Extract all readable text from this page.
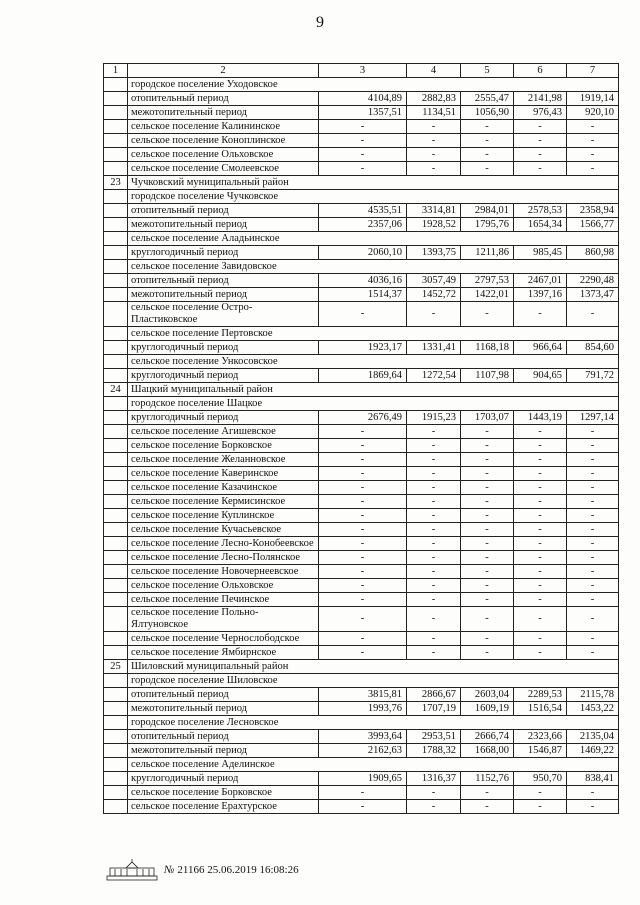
9
1	2	3	4	5	6	7
	городское поселение Уходовское					
	отопительный период	4104,89	2882,83	2555,47	2141,98	1919,14
	межотопительный период	1357,51	1134,51	1056,90	976,43	920,10
	сельское поселение Калининское	-	-	-	-	-
	сельское поселение Коноплинское	-	-	-	-	-
	сельское поселение Ольховское	-	-	-	-	-
	сельское поселение Смолеевское	-	-	-	-	-
23	Чучковский муниципальный район					
	городское поселение Чучковское					
	отопительный период	4535,51	3314,81	2984,01	2578,53	2358,94
	межотопительный период	2357,06	1928,52	1795,76	1654,34	1566,77
	сельское поселение Аладьинское					
	круглогодичный период	2060,10	1393,75	1211,86	985,45	860,98
	сельское поселение Завидовское					
	отопительный период	4036,16	3057,49	2797,53	2467,01	2290,48
	межотопительный период	1514,37	1452,72	1422,01	1397,16	1373,47
	сельское поселение Остро-Пластиковское	-	-	-	-	-
	сельское поселение Пертовское					
	круглогодичный период	1923,17	1331,41	1168,18	966,64	854,60
	сельское поселение Ункосовское					
	круглогодичный период	1869,64	1272,54	1107,98	904,65	791,72
24	Шацкий муниципальный район					
	городское поселение Шацкое					
	круглогодичный период	2676,49	1915,23	1703,07	1443,19	1297,14
	сельское поселение Агишевское	-	-	-	-	-
	сельское поселение Борковское	-	-	-	-	-
	сельское поселение Желанновское	-	-	-	-	-
	сельское поселение Каверинское	-	-	-	-	-
	сельское поселение Казачинское	-	-	-	-	-
	сельское поселение Кермисинское	-	-	-	-	-
	сельское поселение Куплинское	-	-	-	-	-
	сельское поселение Кучасьевское	-	-	-	-	-
	сельское поселение Лесно-Конобеевское	-	-	-	-	-
	сельское поселение Лесно-Полянское	-	-	-	-	-
	сельское поселение Новочернеевское	-	-	-	-	-
	сельское поселение Ольховское	-	-	-	-	-
	сельское поселение Печинское	-	-	-	-	-
	сельское поселение Польно-Ялтуновское	-	-	-	-	-
	сельское поселение Чернослободское	-	-	-	-	-
	сельское поселение Ямбирнское	-	-	-	-	-
25	Шиловский муниципальный район					
	городское поселение Шиловское					
	отопительный период	3815,81	2866,67	2603,04	2289,53	2115,78
	межотопительный период	1993,76	1707,19	1609,19	1516,54	1453,22
	городское поселение Лесновское					
	отопительный период	3993,64	2953,51	2666,74	2323,66	2135,04
	межотопительный период	2162,63	1788,32	1668,00	1546,87	1469,22
	сельское поселение Аделинское					
	круглогодичный период	1909,65	1316,37	1152,76	950,70	838,41
	сельское поселение Борковское	-	-	-	-	-
	сельское поселение Ерахтурское	-	-	-	-	-
№ 21166 25.06.2019 16:08:26
